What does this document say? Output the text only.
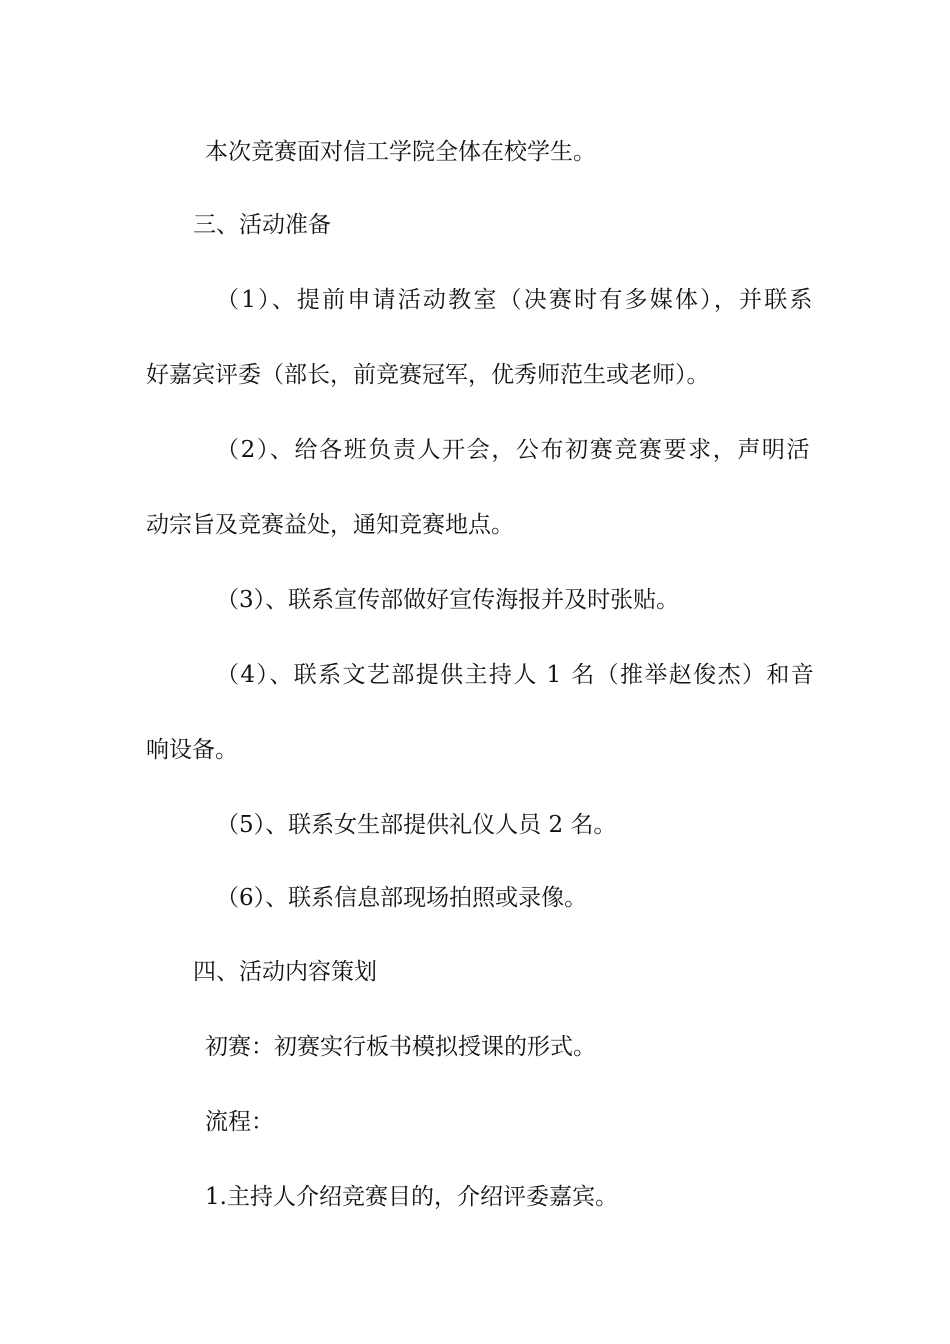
本次竞赛面对信工学院全体在校学生。

三、活动准备

（1）、提前申请活动教室（决赛时有多媒体），并联系

好嘉宾评委（部长，前竞赛冠军，优秀师范生或老师）。

（2）、给各班负责人开会，公布初赛竞赛要求，声明活

动宗旨及竞赛益处，通知竞赛地点。

（3）、联系宣传部做好宣传海报并及时张贴。

（4）、联系文艺部提供主持人 1 名（推举赵俊杰）和音

响设备。

（5）、联系女生部提供礼仪人员 2 名。

（6）、联系信息部现场拍照或录像。

四、活动内容策划

初赛：初赛实行板书模拟授课的形式。

流程：

1.主持人介绍竞赛目的，介绍评委嘉宾。
